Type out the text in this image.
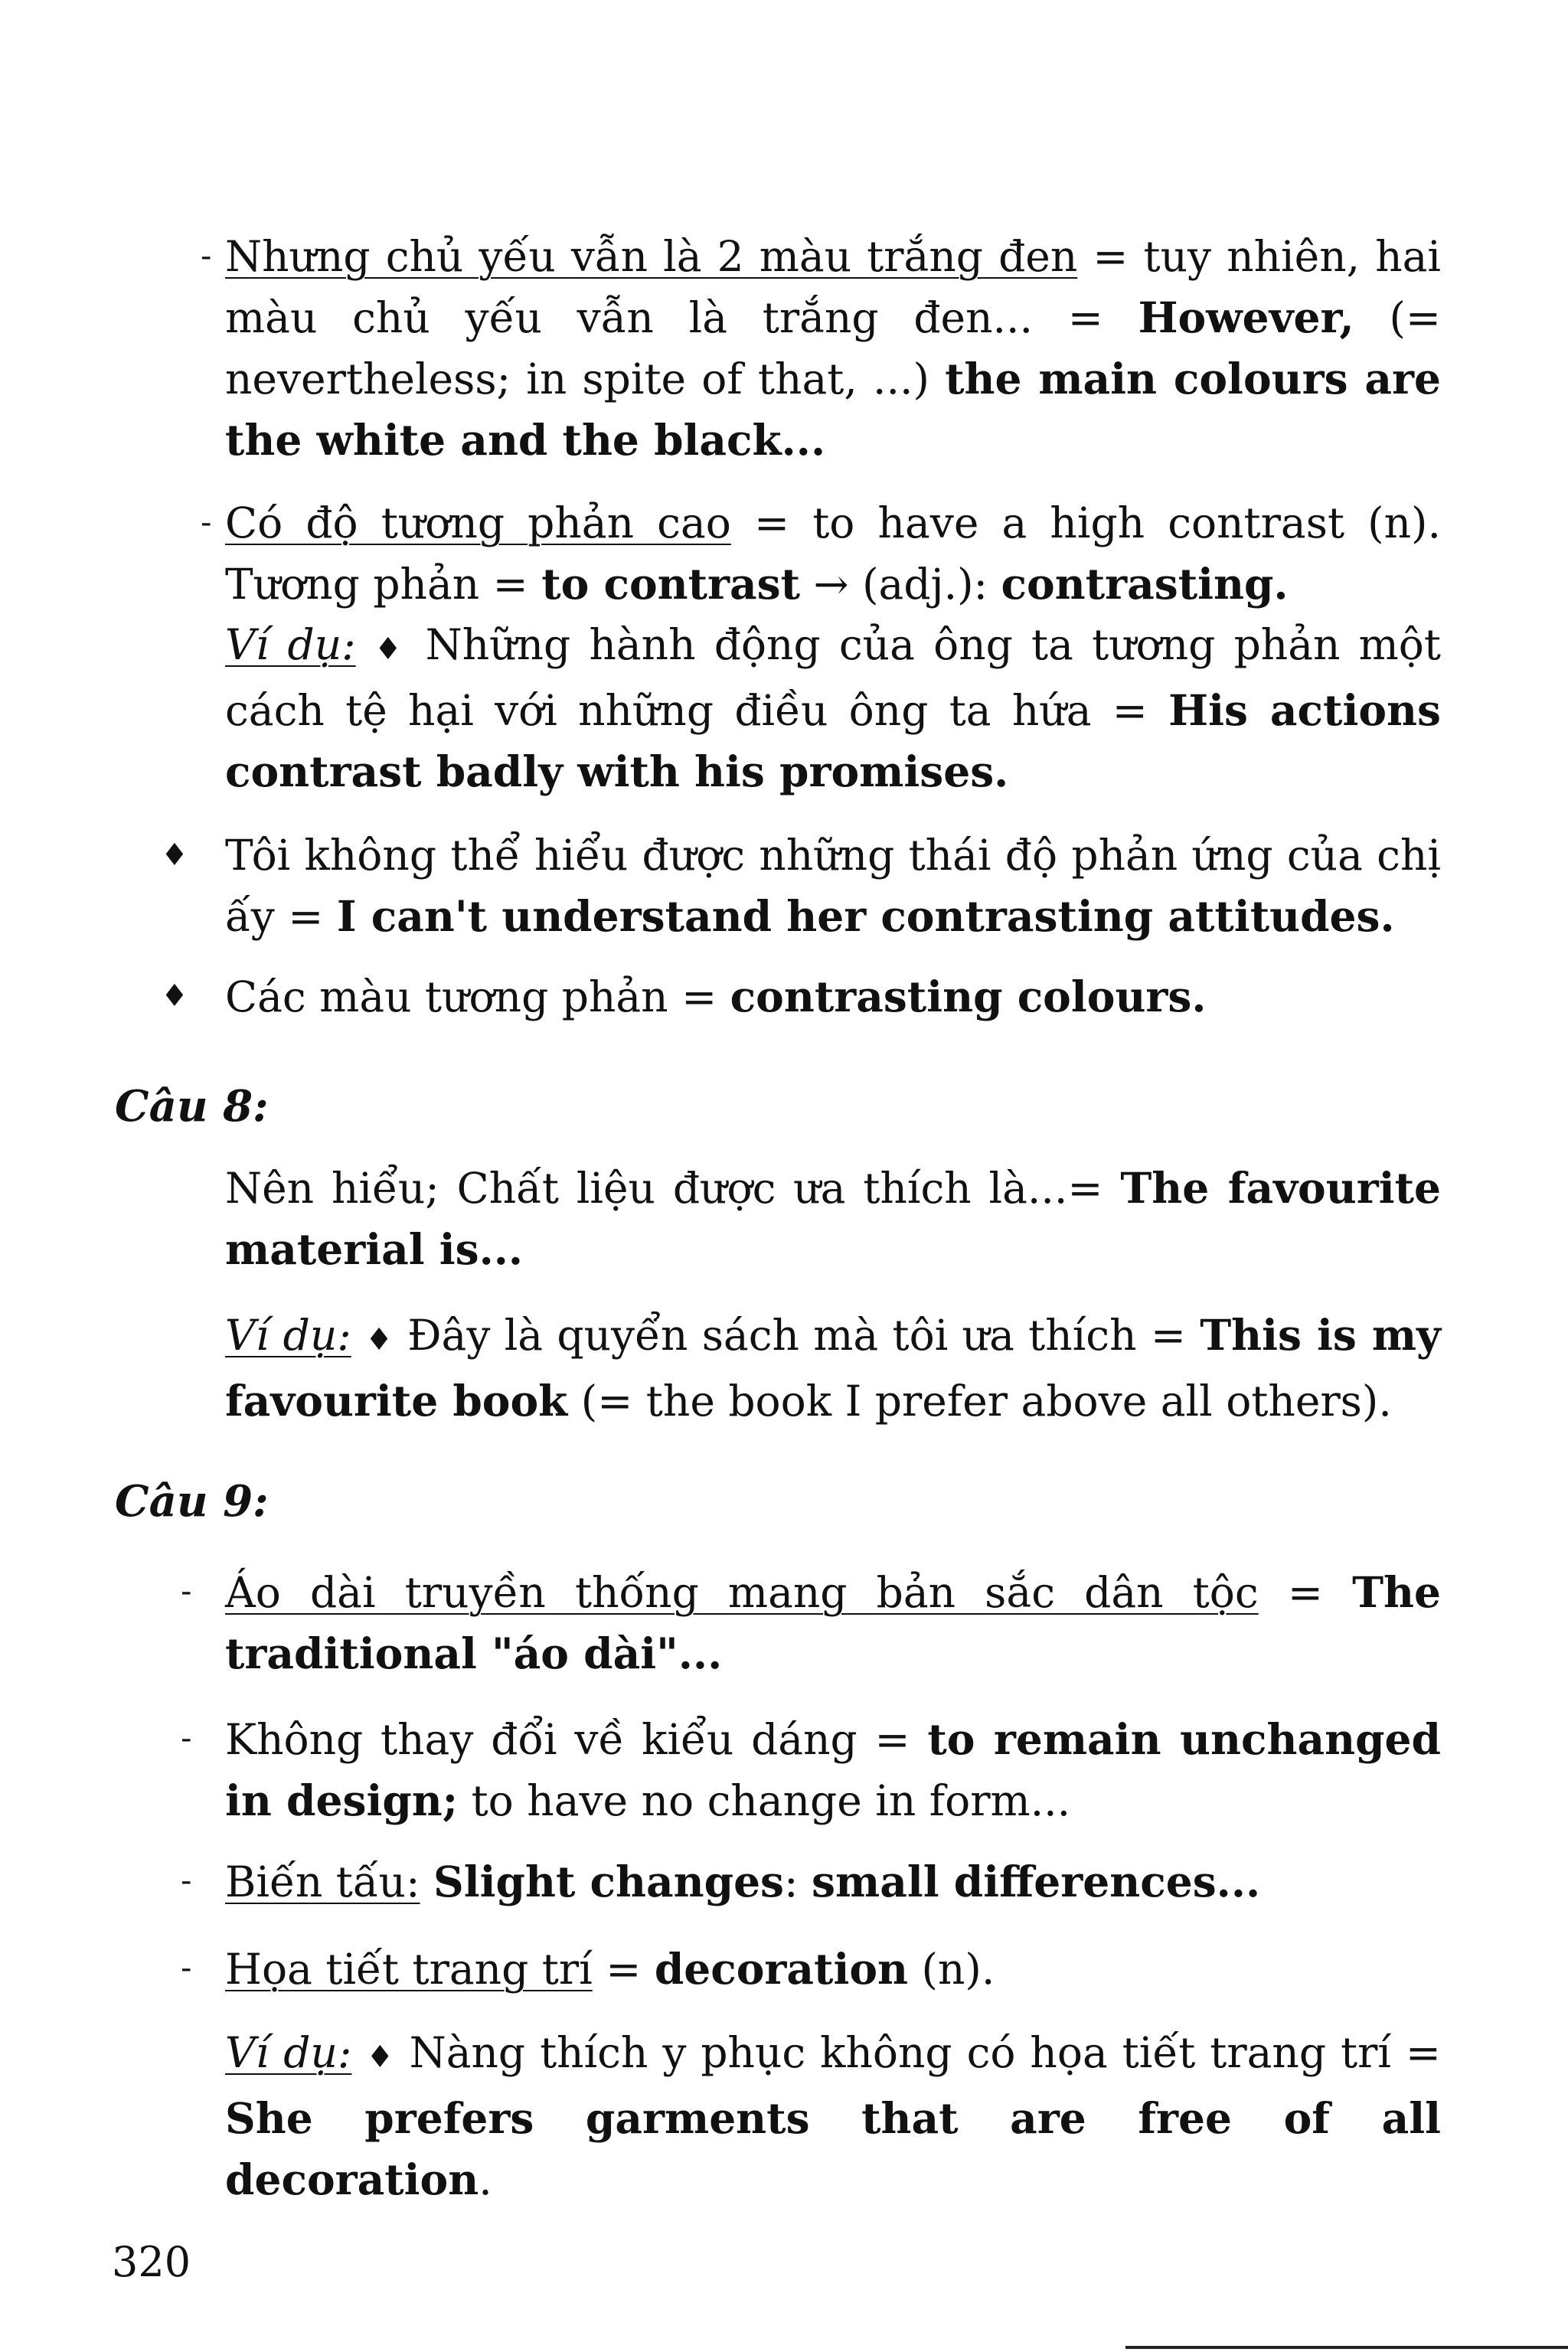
- Nhưng chủ yếu vẫn là 2 màu trắng đen = tuy nhiên, hai màu chủ yếu vẫn là trắng đen... = However, (= nevertheless; in spite of that, ...) the main colours are the white and the black...

- Có độ tương phản cao = to have a high contrast (n). Tương phản = to contrast → (adj.): contrasting.
Ví dụ: ♦ Những hành động của ông ta tương phản một cách tệ hại với những điều ông ta hứa = His actions contrast badly with his promises.

♦ Tôi không thể hiểu được những thái độ phản ứng của chị ấy = I can't understand her contrasting attitudes.

♦ Các màu tương phản = contrasting colours.

Câu 8:

Nên hiểu; Chất liệu được ưa thích là...= The favourite material is...

Ví dụ: ♦ Đây là quyển sách mà tôi ưa thích = This is my favourite book (= the book I prefer above all others).

Câu 9:

- Áo dài truyền thống mang bản sắc dân tộc = The traditional "áo dài"...

- Không thay đổi về kiểu dáng = to remain unchanged in design; to have no change in form...

- Biến tấu: Slight changes: small differences...

- Họa tiết trang trí = decoration (n).

Ví dụ: ♦ Nàng thích y phục không có họa tiết trang trí = She prefers garments that are free of all decoration.

320
